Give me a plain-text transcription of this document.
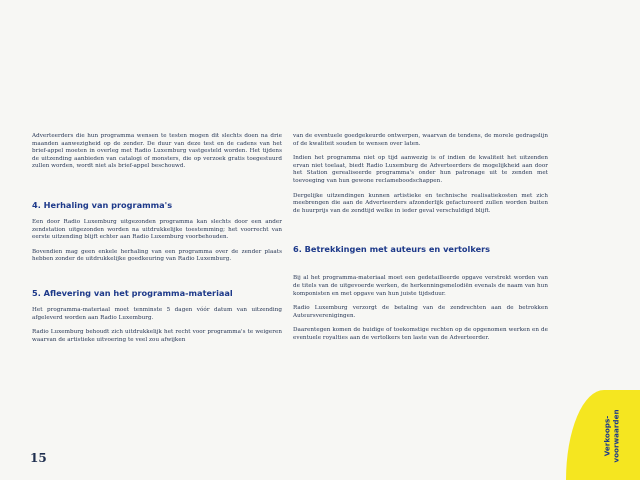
Adverteerders die hun programma wensen te testen mogen dit slechts doen na drie maanden aanwezigheid op de zender. De duur van deze test en de cadens van het brief-appel moeten in overleg met Radio Luxemburg vastgesteld worden. Het tijdens de uitzending aanbieden van catalogi of monsters, die op verzoek gratis toegestuurd zullen worden, wordt niet als brief-appel beschouwd.

4. Herhaling van programma's

Een door Radio Luxemburg uitgezonden programma kan slechts door een ander zendstation uitgezonden worden na uitdrukkelijke toestemming; het voorrecht van eerste uitzending blijft echter aan Radio Luxemburg voorbehouden.

Bovendien mag geen enkele herhaling van een programma over de zender plaats hebben zonder de uitdrukkelijke goedkeuring van Radio Luxemburg.

5. Aflevering van het programma-materiaal

Het programma-materiaal moet tenminste 5 dagen vóór datum van uitzending afgeleverd worden aan Radio Luxemburg.

Radio Luxemburg behoudt zich uitdrukkelijk het recht voor programma's te weigeren waarvan de artistieke uitvoering te veel zou afwijken

van de eventuele goedgekeurde ontwerpen, waarvan de tendens, de morele gedragslijn of de kwaliteit souden te wensen over laten.

Indien het programma niet op tijd aanwezig is of indien de kwaliteit het uitzenden ervan niet toelaat, biedt Radio Luxemburg de Adverteerders de mogelijkheid aan door het Station gerealiseerde programma's onder hun patronage uit te zenden met toevoeging van hun gewone reclameboodschappen.

Dergelijke uitzendingen kunnen artistieke en technische realisatiekosten met zich meebrengen die aan de Adverteerders afzonderlijk gefactureerd zullen worden buiten de huurprijs van de zendtijd welke in ieder geval verschuldigd blijft.

6. Betrekkingen met auteurs en vertolkers

Bij al het programma-materiaal moet een gedetailleerde opgave verstrekt worden van de titels van de uitgevoerde werken, de herkenningsmelodiën evenals de naam van hun komponisten en met opgave van hun juiste tijdsduur.

Radio Luxemburg verzorgt de betaling van de zendrechten aan de betrokken Auteursverenigingen.

Daarentegen komen de huidige of toekomstige rechten op de opgenomen werken en de eventuele royalties aan de vertolkers ten laste van de Adverteerder.

15
Verkoops- voorwaarden
